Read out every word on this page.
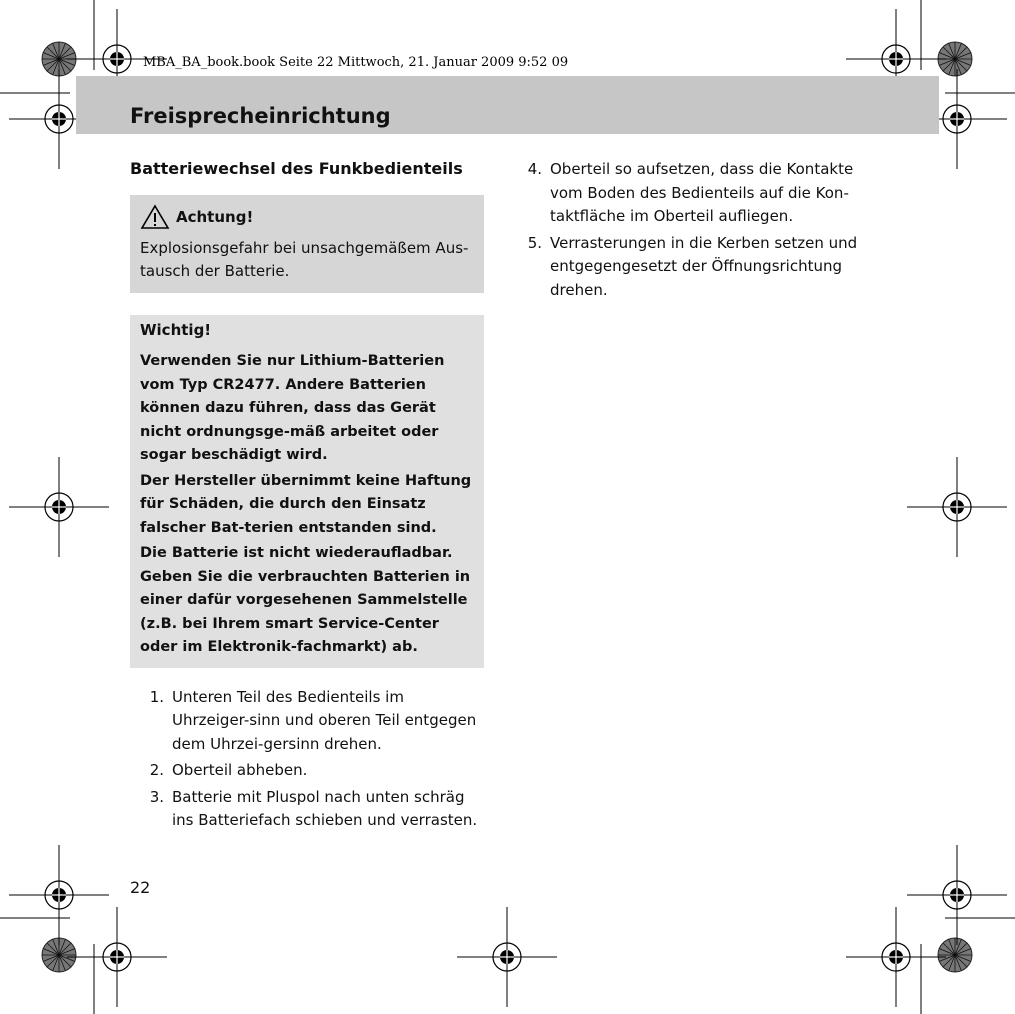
MBA_BA_book.book Seite 22 Mittwoch, 21. Januar 2009 9:52 09
Freisprecheinrichtung
Batteriewechsel des Funkbedienteils
Achtung!
Explosionsgefahr bei unsachgemäßem Aus-tausch der Batterie.
Wichtig!
Verwenden Sie nur Lithium-Batterien vom Typ CR2477. Andere Batterien können dazu führen, dass das Gerät nicht ordnungsge-mäß arbeitet oder sogar beschädigt wird.
Der Hersteller übernimmt keine Haftung für Schäden, die durch den Einsatz falscher Bat-terien entstanden sind.
Die Batterie ist nicht wiederaufladbar. Geben Sie die verbrauchten Batterien in einer dafür vorgesehenen Sammelstelle (z.B. bei Ihrem smart Service-Center oder im Elektronik-fachmarkt) ab.
1. Unteren Teil des Bedienteils im Uhrzeiger-sinn und oberen Teil entgegen dem Uhrzei-gersinn drehen.
2. Oberteil abheben.
3. Batterie mit Pluspol nach unten schräg ins Batteriefach schieben und verrasten.
4. Oberteil so aufsetzen, dass die Kontakte vom Boden des Bedienteils auf die Kon-taktfläche im Oberteil aufliegen.
5. Verrasterungen in die Kerben setzen und entgegengesetzt der Öffnungsrichtung drehen.
22
